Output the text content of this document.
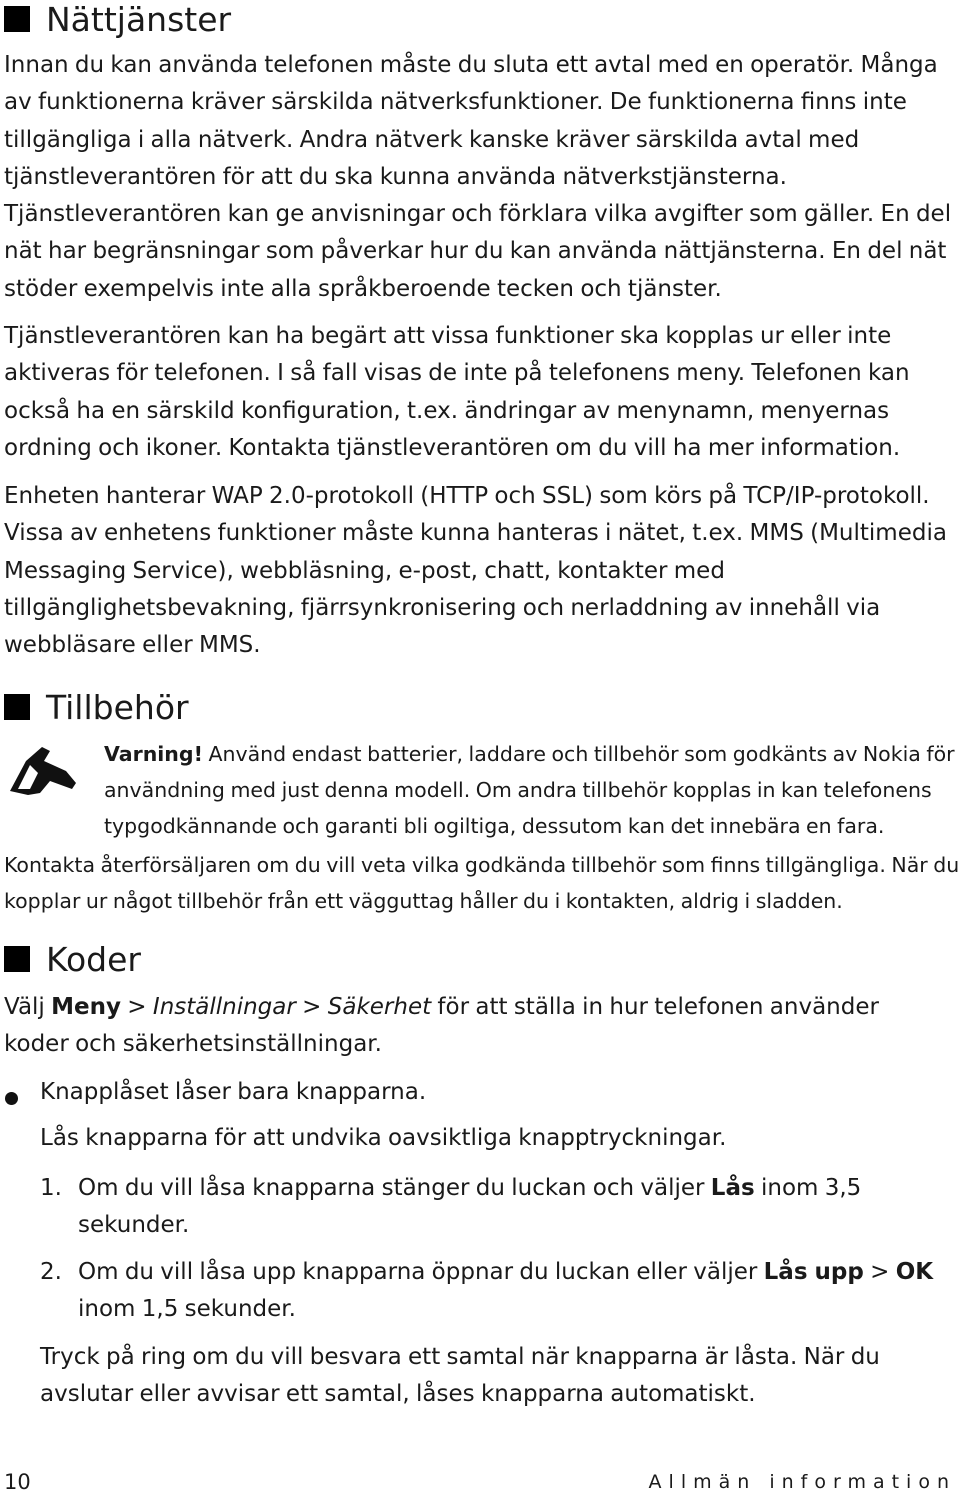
Nättjänster

Innan du kan använda telefonen måste du sluta ett avtal med en operatör. Många av funktionerna kräver särskilda nätverksfunktioner. De funktionerna finns inte tillgängliga i alla nätverk. Andra nätverk kanske kräver särskilda avtal med tjänstleverantören för att du ska kunna använda nätverkstjänsterna. Tjänstleverantören kan ge anvisningar och förklara vilka avgifter som gäller. En del nät har begränsningar som påverkar hur du kan använda nättjänsterna. En del nät stöder exempelvis inte alla språkberoende tecken och tjänster.

Tjänstleverantören kan ha begärt att vissa funktioner ska kopplas ur eller inte aktiveras för telefonen. I så fall visas de inte på telefonens meny. Telefonen kan också ha en särskild konfiguration, t.ex. ändringar av menynamn, menyernas ordning och ikoner. Kontakta tjänstleverantören om du vill ha mer information.

Enheten hanterar WAP 2.0-protokoll (HTTP och SSL) som körs på TCP/IP-protokoll. Vissa av enhetens funktioner måste kunna hanteras i nätet, t.ex. MMS (Multimedia Messaging Service), webbläsning, e-post, chatt, kontakter med tillgänglighetsbevakning, fjärrsynkronisering och nerladdning av innehåll via webbläsare eller MMS.

Tillbehör

Varning! Använd endast batterier, laddare och tillbehör som godkänts av Nokia för användning med just denna modell. Om andra tillbehör kopplas in kan telefonens typgodkännande och garanti bli ogiltiga, dessutom kan det innebära en fara.

Kontakta återförsäljaren om du vill veta vilka godkända tillbehör som finns tillgängliga. När du kopplar ur något tillbehör från ett vägguttag håller du i kontakten, aldrig i sladden.

Koder

Välj Meny > Inställningar > Säkerhet för att ställa in hur telefonen använder koder och säkerhetsinställningar.

Knapplåset låser bara knapparna.

Lås knapparna för att undvika oavsiktliga knapptryckningar.

1. Om du vill låsa knapparna stänger du luckan och väljer Lås inom 3,5 sekunder.

2. Om du vill låsa upp knapparna öppnar du luckan eller väljer Lås upp > OK inom 1,5 sekunder.

Tryck på ring om du vill besvara ett samtal när knapparna är låsta. När du avslutar eller avvisar ett samtal, låses knapparna automatiskt.

10	Allmän information
